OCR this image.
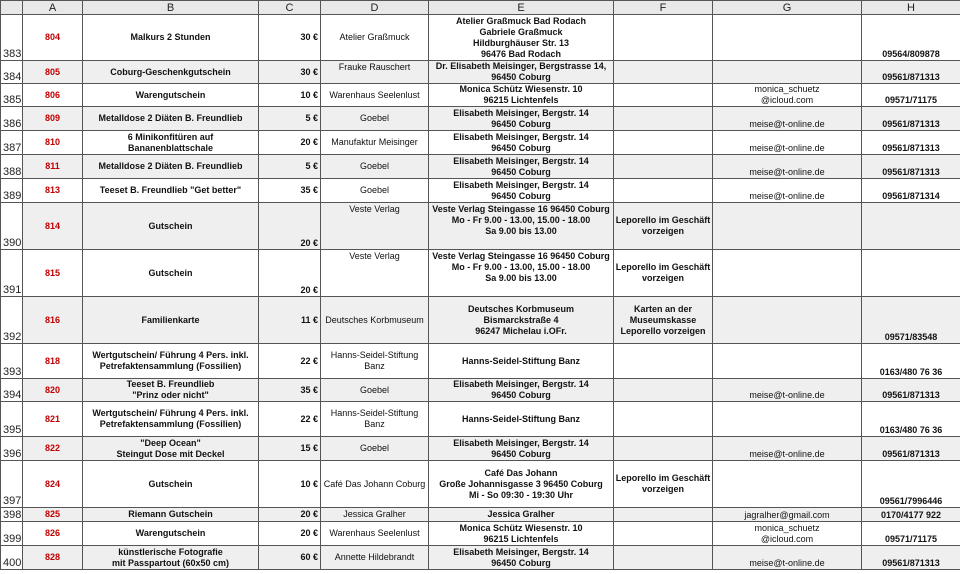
	A	B	C	D	E	F	G	H

383	804	Malkurs 2 Stunden	30 €	Atelier Graßmuck	Atelier Graßmuck Bad Rodach
Gabriele Graßmuck
Hildburghäuser Str. 13
96476 Bad Rodach			09564/809878

384	805	Coburg-Geschenkgutschein	30 €	Frauke Rauschert	Dr. Elisabeth Meisinger, Bergstrasse 14,
96450 Coburg			09561/871313

385	806	Warengutschein	10 €	Warenhaus Seelenlust	Monica Schütz Wiesenstr. 10
96215 Lichtenfels		monica_schuetz
@icloud.com	09571/71175

386	809	Metalldose 2 Diäten B. Freundlieb	5 €	Goebel	Elisabeth Meisinger, Bergstr. 14
96450 Coburg		meise@t-online.de	09561/871313

387	810	6 Minikonfitüren auf
Bananenblattschale	20 €	Manufaktur Meisinger	Elisabeth Meisinger, Bergstr. 14
96450 Coburg		meise@t-online.de	09561/871313

388	811	Metalldose 2 Diäten B. Freundlieb	5 €	Goebel	Elisabeth Meisinger, Bergstr. 14
96450 Coburg		meise@t-online.de	09561/871313

389	813	Teeset B. Freundlieb "Get better"	35 €	Goebel	Elisabeth Meisinger, Bergstr. 14
96450 Coburg		meise@t-online.de	09561/871314

390	814	Gutschein	20 €	Veste Verlag	Veste Verlag Steingasse 16 96450 Coburg
Mo - Fr 9.00 - 13.00, 15.00 - 18.00
Sa 9.00 bis 13.00	Leporello im Geschäft
vorzeigen		

391	815	Gutschein	20 €	Veste Verlag	Veste Verlag Steingasse 16 96450 Coburg
Mo - Fr 9.00 - 13.00, 15.00 - 18.00
Sa 9.00 bis 13.00	Leporello im Geschäft
vorzeigen		

392	816	Familienkarte	11 €	Deutsches Korbmuseum	Deutsches Korbmuseum
Bismarckstraße 4
96247 Michelau i.OFr.	Karten an der
Museumskasse
Leporello vorzeigen		09571/83548

393	818	Wertgutschein/ Führung 4 Pers. inkl.
Petrefaktensammlung (Fossilien)	22 €	Hanns-Seidel-Stiftung
Banz	Hanns-Seidel-Stiftung Banz			0163/480 76 36

394	820	Teeset B. Freundlieb
"Prinz oder nicht"	35 €	Goebel	Elisabeth Meisinger, Bergstr. 14
96450 Coburg		meise@t-online.de	09561/871313

395	821	Wertgutschein/ Führung 4 Pers. inkl.
Petrefaktensammlung (Fossilien)	22 €	Hanns-Seidel-Stiftung
Banz	Hanns-Seidel-Stiftung Banz			0163/480 76 36

396	822	"Deep Ocean"
Steingut Dose mit Deckel	15 €	Goebel	Elisabeth Meisinger, Bergstr. 14
96450 Coburg		meise@t-online.de	09561/871313

397	824	Gutschein	10 €	Café Das Johann Coburg	Café Das Johann
Große Johannisgasse 3 96450 Coburg
Mi - So 09:30 - 19:30 Uhr	Leporello im Geschäft
vorzeigen		09561/7996446

398	825	Riemann Gutschein	20 €	Jessica Gralher	Jessica Gralher		jagralher@gmail.com	0170/4177 922

399	826	Warengutschein	20 €	Warenhaus Seelenlust	Monica Schütz Wiesenstr. 10
96215 Lichtenfels		monica_schuetz
@icloud.com	09571/71175

400	828	künstlerische Fotografie
mit Passpartout (60x50 cm)	60 €	Annette Hildebrandt	Elisabeth Meisinger, Bergstr. 14
96450 Coburg		meise@t-online.de	09561/871313
